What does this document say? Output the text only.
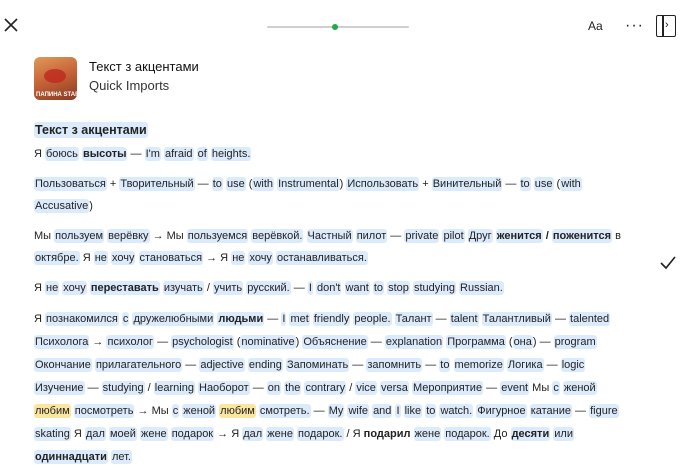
Aa ··· ›
ПАПИНА STARS
Текст з акцентами
Quick Imports
Текст з акцентами
Я боюсь высоты — I'm afraid of heights.
Пользоваться + Творительный — to use (with Instrumental) Использовать + Винительный — to use (with
Accusative)
Мы пользуем верёвку → Мы пользуемся верёвкой. Частный пилот — private pilot Друг женится / поженится в
октябре. Я не хочу становаться → Я не хочу останавливаться.
Я не хочу переставать изучать / учить русский. — I don't want to stop studying Russian.
Я познакомился с дружелюбными людьми — I met friendly people. Талант — talent Талантливый — talented
Психолога → психолог — psychologist (nominative) Объяснение — explanation Программа (она) — program
Окончание прилагательного — adjective ending Запоминать — запомнить — to memorize Логика — logic
Изучение — studying / learning Наоборот — on the contrary / vice versa Мероприятие — event Мы с женой
любим посмотреть → Мы с женой любим смотреть. — My wife and I like to watch. Фигурное катание — figure
skating Я дал моей жене подарок → Я дал жене подарок. / Я подарил жене подарок. До десяти или
одиннадцати лет.
